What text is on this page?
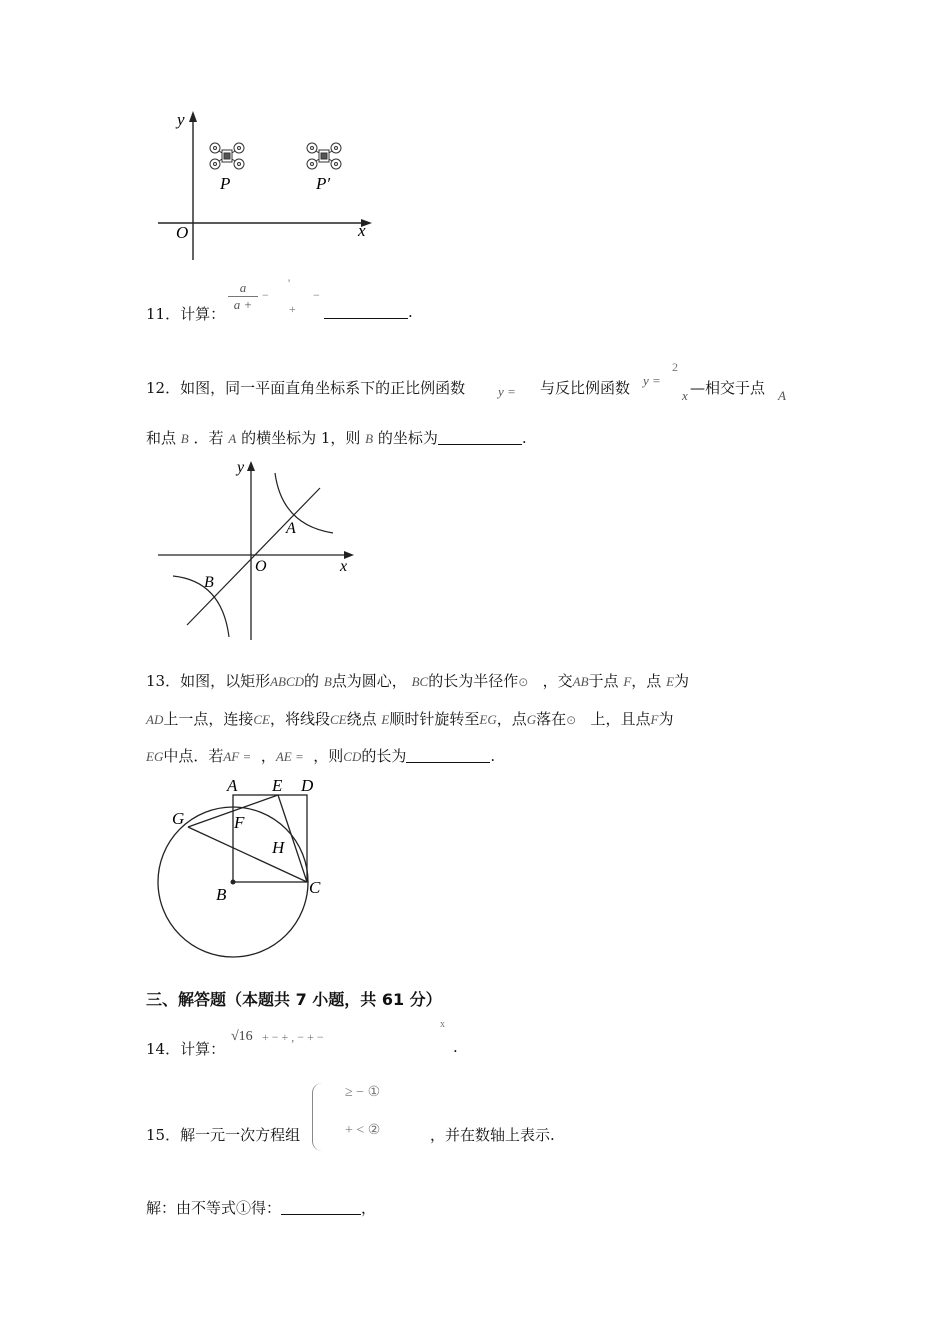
y
x
O
P	P′
11．计算：
a
a +
−
'
+
−
.
12．如图，同一平面直角坐标系下的正比例函数	y = 与反比例函数 y =
2
x —相交于点 A
和点 B ．若 A 的横坐标为 1，则 B 的坐标为	.
y
x
O
A
B
13．如图，以矩形ABCD的 B点为圆心， BC的长为半径作⊙ ，交AB于点 F，点 E为
AD上一点，连接CE，将线段CE绕点 E顺时针旋转至EG，点G落在⊙ 上，且点F为
EG中点．若AF = ，AE = ，则CD的长为	.
A E D
G	F
H
B	C
三、解答题（本题共 7 小题，共 61 分）
14．计算：
√16 + − + , − + −
x
.
≥ − ①
+ < ②
15．解一元一次方程组	，并在数轴上表示.
解：由不等式①得：	，
